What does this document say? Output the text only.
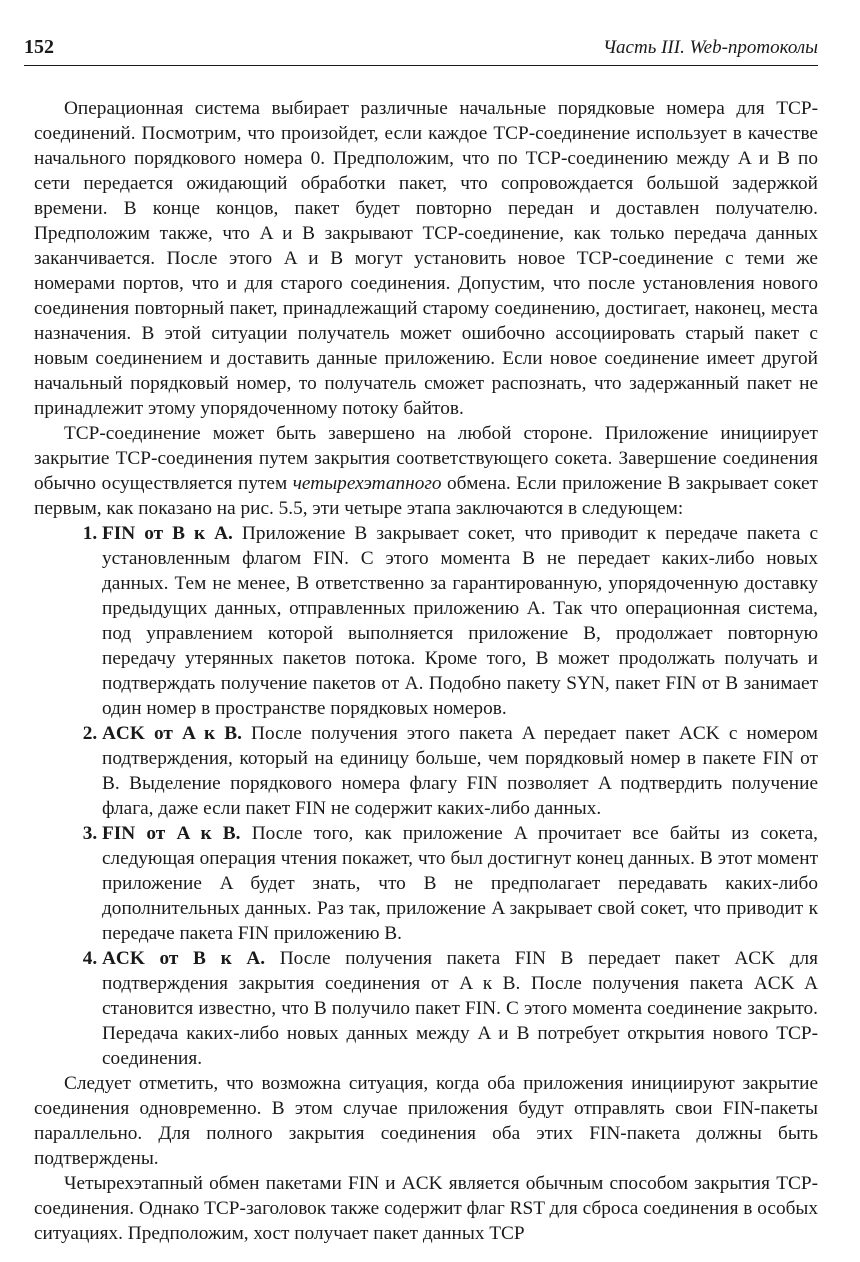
152	Часть III. Web-протоколы

Операционная система выбирает различные начальные порядковые номера для TCP-соединений. Посмотрим, что произойдет, если каждое TCP-соединение использует в качестве начального порядкового номера 0. Предположим, что по TCP-соединению между A и B по сети передается ожидающий обработки пакет, что сопровождается большой задержкой времени. В конце концов, пакет будет повторно передан и доставлен получателю. Предположим также, что A и B закрывают TCP-соединение, как только передача данных заканчивается. После этого A и B могут установить новое TCP-соединение с теми же номерами портов, что и для старого соединения. Допустим, что после установления нового соединения повторный пакет, принадлежащий старому соединению, достигает, наконец, места назначения. В этой ситуации получатель может ошибочно ассоциировать старый пакет с новым соединением и доставить данные приложению. Если новое соединение имеет другой начальный порядковый номер, то получатель сможет распознать, что задержанный пакет не принадлежит этому упорядоченному потоку байтов.

TCP-соединение может быть завершено на любой стороне. Приложение инициирует закрытие TCP-соединения путем закрытия соответствующего сокета. Завершение соединения обычно осуществляется путем четырехэтапного обмена. Если приложение B закрывает сокет первым, как показано на рис. 5.5, эти четыре этапа заключаются в следующем:

1. FIN от B к A. Приложение B закрывает сокет, что приводит к передаче пакета с установленным флагом FIN. С этого момента B не передает каких-либо новых данных. Тем не менее, B ответственно за гарантированную, упорядоченную доставку предыдущих данных, отправленных приложению A. Так что операционная система, под управлением которой выполняется приложение B, продолжает повторную передачу утерянных пакетов потока. Кроме того, B может продолжать получать и подтверждать получение пакетов от A. Подобно пакету SYN, пакет FIN от B занимает один номер в пространстве порядковых номеров.
2. ACK от A к B. После получения этого пакета A передает пакет ACK с номером подтверждения, который на единицу больше, чем порядковый номер в пакете FIN от B. Выделение порядкового номера флагу FIN позволяет A подтвердить получение флага, даже если пакет FIN не содержит каких-либо данных.
3. FIN от A к B. После того, как приложение A прочитает все байты из сокета, следующая операция чтения покажет, что был достигнут конец данных. В этот момент приложение A будет знать, что B не предполагает передавать каких-либо дополнительных данных. Раз так, приложение A закрывает свой сокет, что приводит к передаче пакета FIN приложению B.
4. ACK от B к A. После получения пакета FIN B передает пакет ACK для подтверждения закрытия соединения от A к B. После получения пакета ACK A становится известно, что B получило пакет FIN. С этого момента соединение закрыто. Передача каких-либо новых данных между A и B потребует открытия нового TCP-соединения.

Следует отметить, что возможна ситуация, когда оба приложения инициируют закрытие соединения одновременно. В этом случае приложения будут отправлять свои FIN-пакеты параллельно. Для полного закрытия соединения оба этих FIN-пакета должны быть подтверждены.

Четырехэтапный обмен пакетами FIN и ACK является обычным способом закрытия TCP-соединения. Однако TCP-заголовок также содержит флаг RST для сброса соединения в особых ситуациях. Предположим, хост получает пакет данных TCP
